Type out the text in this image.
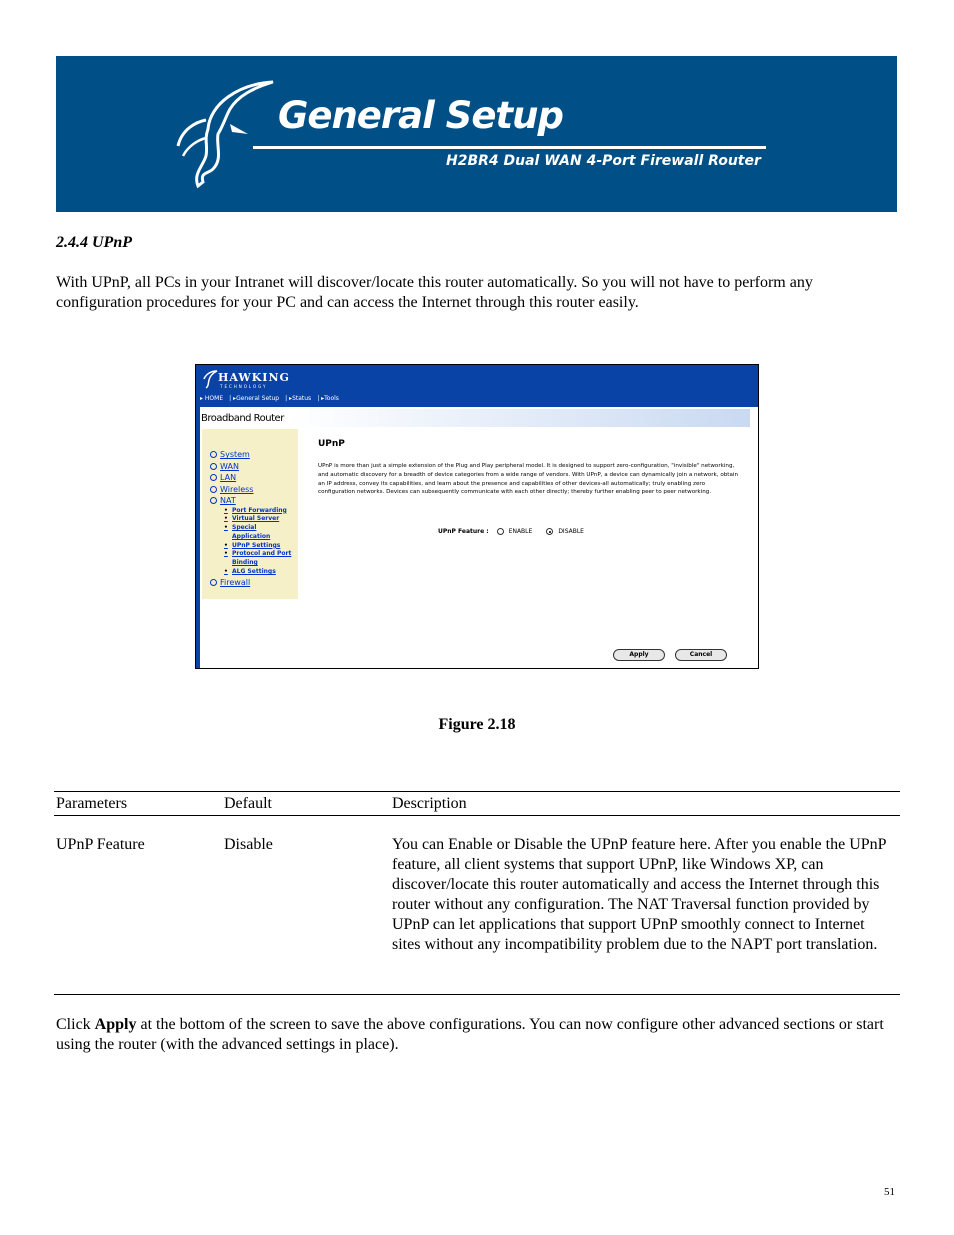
General Setup
H2BR4 Dual WAN 4-Port Firewall Router
2.4.4 UPnP

With UPnP, all PCs in your Intranet will discover/locate this router automatically. So you will not have to perform any configuration procedures for your PC and can access the Internet through this router easily.

HAWKING
TECHNOLOGY
▸ HOME | ▸General Setup | ▸Status | ▸Tools
Broadband Router
System
WAN
LAN
Wireless
NAT
• Port Forwarding
• Virtual Server
• Special
Application
• UPnP Settings
• Protocol and Port
Binding
• ALG Settings
Firewall
UPnP

UPnP is more than just a simple extension of the Plug and Play peripheral model. It is designed to support zero-configuration, "invisible" networking, and automatic discovery for a breadth of device categories from a wide range of vendors. With UPnP, a device can dynamically join a network, obtain an IP address, convey its capabilities, and learn about the presence and capabilities of other devices-all automatically; truly enabling zero configuration networks. Devices can subsequently communicate with each other directly; thereby further enabling peer to peer networking.

UPnP Feature :	ENABLE	DISABLE
Apply	Cancel
Figure 2.18
Parameters	Default	Description
UPnP Feature	Disable	You can Enable or Disable the UPnP feature here. After you enable the UPnP feature, all client systems that support UPnP, like Windows XP, can discover/locate this router automatically and access the Internet through this router without any configuration. The NAT Traversal function provided by UPnP can let applications that support UPnP smoothly connect to Internet sites without any incompatibility problem due to the NAPT port translation.

Click Apply at the bottom of the screen to save the above configurations. You can now configure other advanced sections or start using the router (with the advanced settings in place).

51
